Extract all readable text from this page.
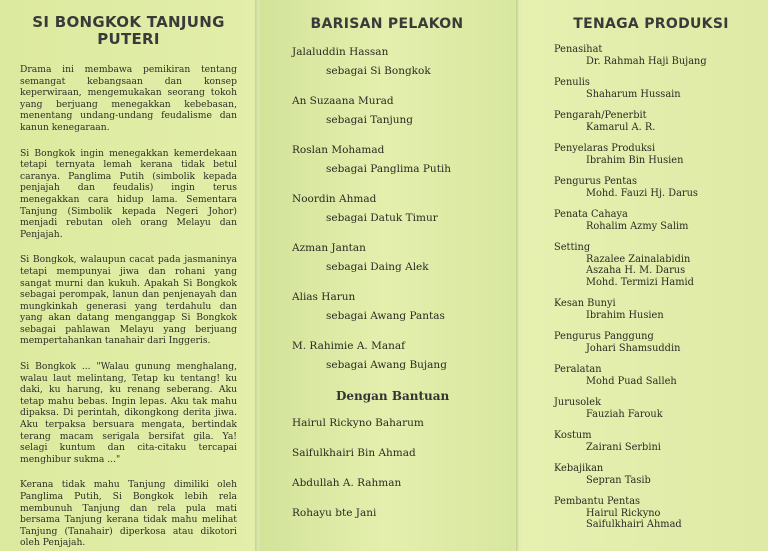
SI BONGKOK TANJUNG
PUTERI

Drama ini membawa pemikiran tentang semangat kebangsaan dan konsep keperwiraan, mengemukakan seorang tokoh yang berjuang menegakkan kebebasan, menentang undang-undang feudalisme dan kanun kenegaraan.

Si Bongkok ingin menegakkan kemerdekaan tetapi ternyata lemah kerana tidak betul caranya. Panglima Putih (simbolik kepada penjajah dan feudalis) ingin terus menegakkan cara hidup lama. Sementara Tanjung (Simbolik kepada Negeri Johor) menjadi rebutan oleh orang Melayu dan Penjajah.

Si Bongkok, walaupun cacat pada jasmaninya tetapi mempunyai jiwa dan rohani yang sangat murni dan kukuh. Apakah Si Bongkok sebagai perompak, lanun dan penjenayah dan mungkinkah generasi yang terdahulu dan yang akan datang menganggap Si Bongkok sebagai pahlawan Melayu yang berjuang mempertahankan tanahair dari Inggeris.

Si Bongkok ... "Walau gunung menghalang, walau laut melintang, Tetap ku tentang! ku daki, ku harung, ku renang seberang. Aku tetap mahu bebas. Ingin lepas. Aku tak mahu dipaksa. Di perintah, dikongkong derita jiwa. Aku terpaksa bersuara mengata, bertindak terang macam serigala bersifat gila. Ya! selagi kuntum dan cita-citaku tercapai menghibur sukma ..."

Kerana tidak mahu Tanjung dimiliki oleh Panglima Putih, Si Bongkok lebih rela membunuh Tanjung dan rela pula mati bersama Tanjung kerana tidak mahu melihat Tanjung (Tanahair) diperkosa atau dikotori oleh Penjajah.

BARISAN PELAKON
Jalaluddin Hassan
sebagai Si Bongkok
An Suzaana Murad
sebagai Tanjung
Roslan Mohamad
sebagai Panglima Putih
Noordin Ahmad
sebagai Datuk Timur
Azman Jantan
sebagai Daing Alek
Alias Harun
sebagai Awang Pantas
M. Rahimie A. Manaf
sebagai Awang Bujang
Dengan Bantuan
Hairul Rickyno Baharum
Saifulkhairi Bin Ahmad
Abdullah A. Rahman
Rohayu bte Jani
TENAGA PRODUKSI
Penasihat
Dr. Rahmah Haji Bujang
Penulis
Shaharum Hussain
Pengarah/Penerbit
Kamarul A. R.
Penyelaras Produksi
Ibrahim Bin Husien
Pengurus Pentas
Mohd. Fauzi Hj. Darus
Penata Cahaya
Rohalim Azmy Salim
Setting
Razalee Zainalabidin
Aszaha H. M. Darus
Mohd. Termizi Hamid
Kesan Bunyi
Ibrahim Husien
Pengurus Panggung
Johari Shamsuddin
Peralatan
Mohd Puad Salleh
Jurusolek
Fauziah Farouk
Kostum
Zairani Serbini
Kebajikan
Sepran Tasib
Pembantu Pentas
Hairul Rickyno
Saifulkhairi Ahmad
